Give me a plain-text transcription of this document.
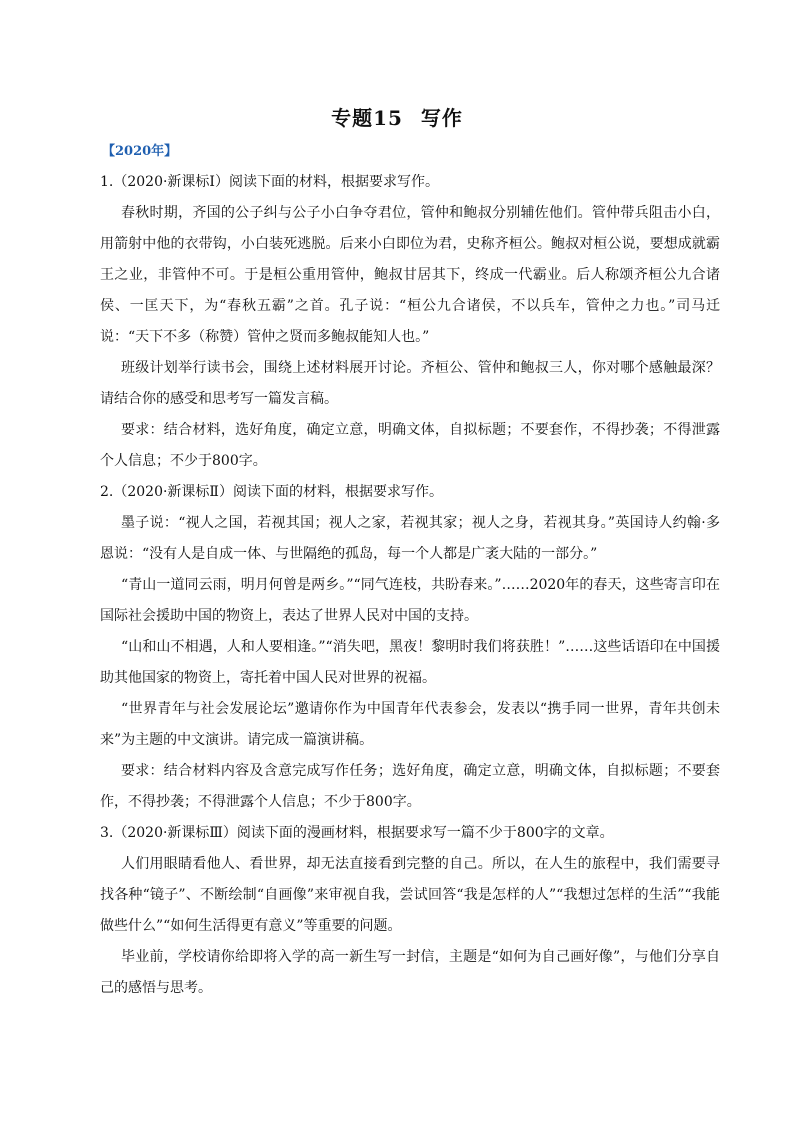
专题15 写作

【2020年】

1.（2020·新课标Ⅰ）阅读下面的材料，根据要求写作。

春秋时期，齐国的公子纠与公子小白争夺君位，管仲和鲍叔分别辅佐他们。管仲带兵阻击小白，用箭射中他的衣带钩，小白装死逃脱。后来小白即位为君，史称齐桓公。鲍叔对桓公说，要想成就霸王之业，非管仲不可。于是桓公重用管仲，鲍叔甘居其下，终成一代霸业。后人称颂齐桓公九合诸侯、一匡天下，为“春秋五霸”之首。孔子说：“桓公九合诸侯，不以兵车，管仲之力也。”司马迁说：“天下不多（称赞）管仲之贤而多鲍叔能知人也。”

班级计划举行读书会，围绕上述材料展开讨论。齐桓公、管仲和鲍叔三人，你对哪个感触最深？请结合你的感受和思考写一篇发言稿。

要求：结合材料，选好角度，确定立意，明确文体，自拟标题；不要套作，不得抄袭；不得泄露个人信息；不少于800字。

2.（2020·新课标Ⅱ）阅读下面的材料，根据要求写作。

墨子说：“视人之国，若视其国；视人之家，若视其家；视人之身，若视其身。”英国诗人约翰·多恩说：“没有人是自成一体、与世隔绝的孤岛，每一个人都是广袤大陆的一部分。”

“青山一道同云雨，明月何曾是两乡。”“同气连枝，共盼春来。”……2020年的春天，这些寄言印在国际社会援助中国的物资上，表达了世界人民对中国的支持。

“山和山不相遇，人和人要相逢。”“消失吧，黑夜！黎明时我们将获胜！”……这些话语印在中国援助其他国家的物资上，寄托着中国人民对世界的祝福。

“世界青年与社会发展论坛”邀请你作为中国青年代表参会，发表以“携手同一世界，青年共创未来”为主题的中文演讲。请完成一篇演讲稿。

要求：结合材料内容及含意完成写作任务；选好角度，确定立意，明确文体，自拟标题；不要套作，不得抄袭；不得泄露个人信息；不少于800字。

3.（2020·新课标Ⅲ）阅读下面的漫画材料，根据要求写一篇不少于800字的文章。

人们用眼睛看他人、看世界，却无法直接看到完整的自己。所以，在人生的旅程中，我们需要寻找各种“镜子”、不断绘制“自画像”来审视自我，尝试回答“我是怎样的人”“我想过怎样的生活”“我能做些什么”“如何生活得更有意义”等重要的问题。

毕业前，学校请你给即将入学的高一新生写一封信，主题是“如何为自己画好像”，与他们分享自己的感悟与思考。
